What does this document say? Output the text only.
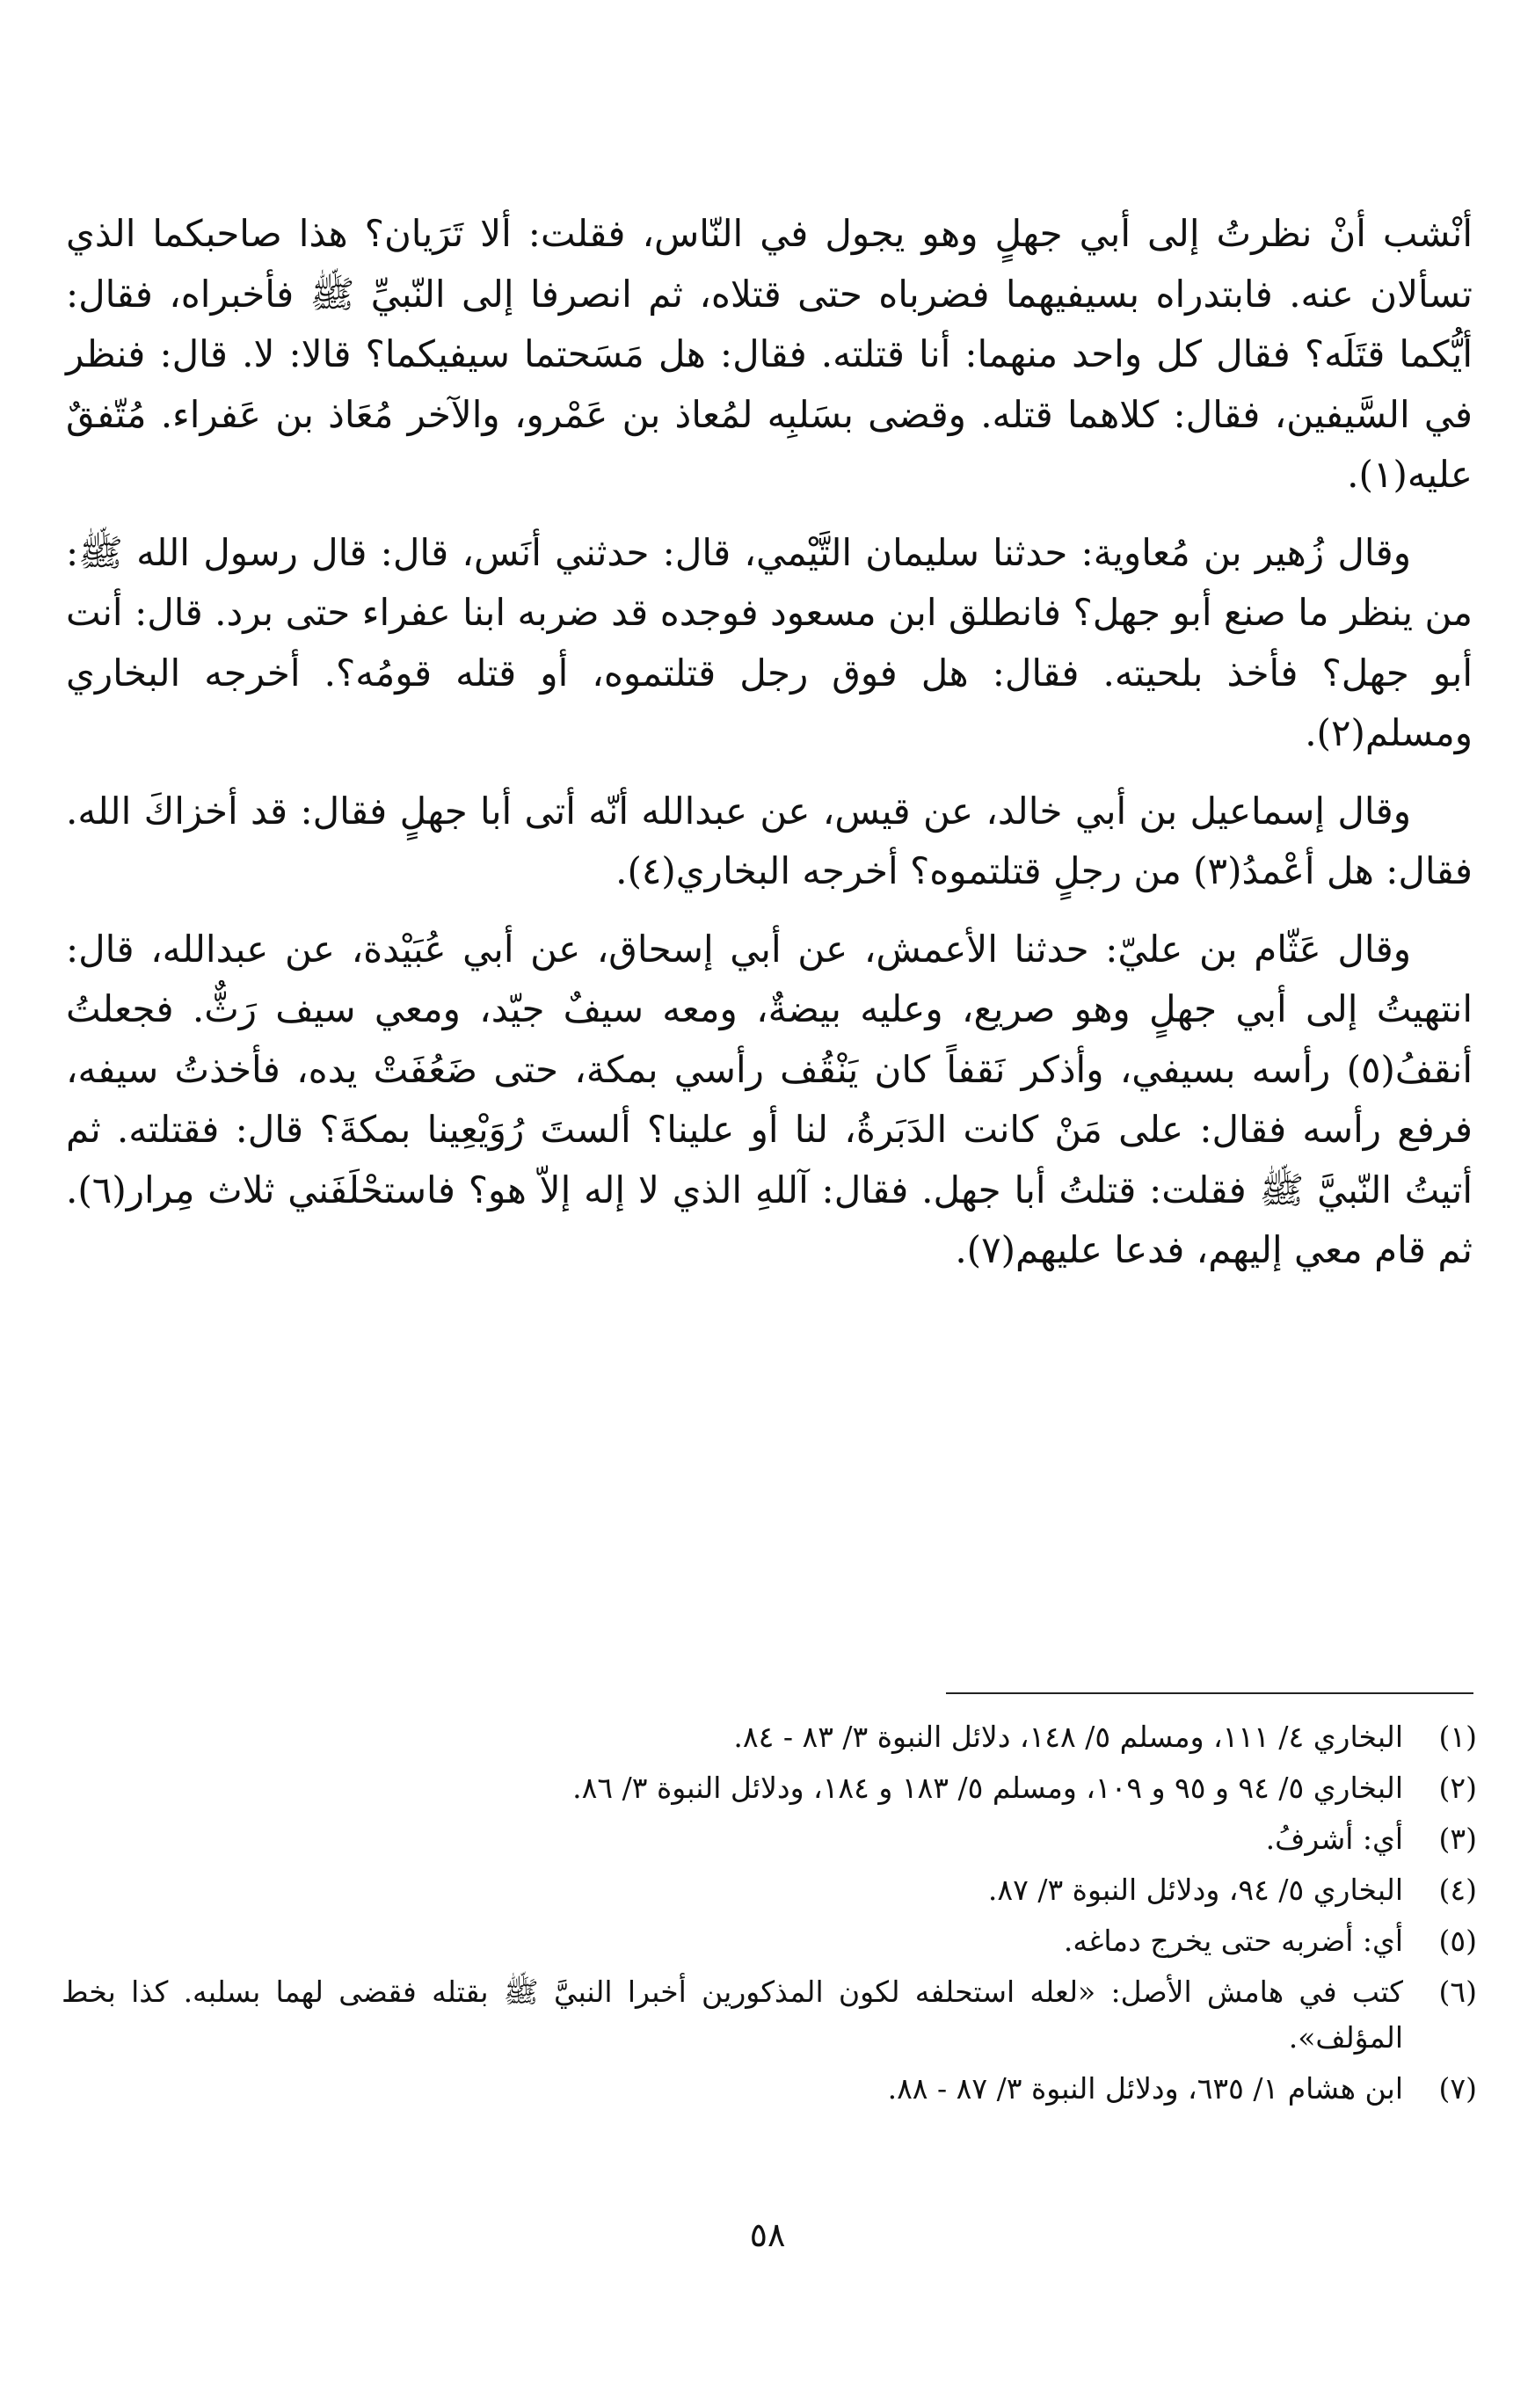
أنْشب أنْ نظرتُ إلى أبي جهلٍ وهو يجول في النّاس، فقلت: ألا تَرَيان؟ هذا صاحبكما الذي تسألان عنه. فابتدراه بسيفيهما فضرباه حتى قتلاه، ثم انصرفا إلى النّبيِّ ﷺ فأخبراه، فقال: أيُّكما قتَلَه؟ فقال كل واحد منهما: أنا قتلته. فقال: هل مَسَحتما سيفيكما؟ قالا: لا. قال: فنظر في السَّيفين، فقال: كلاهما قتله. وقضى بسَلبِه لمُعاذ بن عَمْرو، والآخر مُعَاذ بن عَفراء. مُتّفقٌ عليه(١).

وقال زُهير بن مُعاوية: حدثنا سليمان التَّيْمي، قال: حدثني أنَس، قال: قال رسول الله ﷺ: من ينظر ما صنع أبو جهل؟ فانطلق ابن مسعود فوجده قد ضربه ابنا عفراء حتى برد. قال: أنت أبو جهل؟ فأخذ بلحيته. فقال: هل فوق رجل قتلتموه، أو قتله قومُه؟. أخرجه البخاري ومسلم(٢).

وقال إسماعيل بن أبي خالد، عن قيس، عن عبدالله أنّه أتى أبا جهلٍ فقال: قد أخزاكَ الله. فقال: هل أعْمدُ(٣) من رجلٍ قتلتموه؟ أخرجه البخاري(٤).

وقال عَثّام بن عليّ: حدثنا الأعمش، عن أبي إسحاق، عن أبي عُبَيْدة، عن عبدالله، قال: انتهيتُ إلى أبي جهلٍ وهو صريع، وعليه بيضةٌ، ومعه سيفٌ جيّد، ومعي سيف رَثٌّ. فجعلتُ أنقفُ(٥) رأسه بسيفي، وأذكر نَقفاً كان يَنْقُف رأسي بمكة، حتى ضَعُفَتْ يده، فأخذتُ سيفه، فرفع رأسه فقال: على مَنْ كانت الدَبَرةُ، لنا أو علينا؟ ألستَ رُوَيْعِينا بمكةَ؟ قال: فقتلته. ثم أتيتُ النّبيَّ ﷺ فقلت: قتلتُ أبا جهل. فقال: آللهِ الذي لا إله إلاّ هو؟ فاستحْلَفَني ثلاث مِرار(٦). ثم قام معي إليهم، فدعا عليهم(٧).

(١)
البخاري ٤/ ١١١، ومسلم ٥/ ١٤٨، دلائل النبوة ٣/ ٨٣ - ٨٤.
(٢)
البخاري ٥/ ٩٤ و ٩٥ و ١٠٩، ومسلم ٥/ ١٨٣ و ١٨٤، ودلائل النبوة ٣/ ٨٦.
(٣)
أي: أشرفُ.
(٤)
البخاري ٥/ ٩٤، ودلائل النبوة ٣/ ٨٧.
(٥)
أي: أضربه حتى يخرج دماغه.
(٦)
كتب في هامش الأصل: «لعله استحلفه لكون المذكورين أخبرا النبيَّ ﷺ بقتله فقضى لهما بسلبه. كذا بخط المؤلف».
(٧)
ابن هشام ١/ ٦٣٥، ودلائل النبوة ٣/ ٨٧ - ٨٨.
٥٨
